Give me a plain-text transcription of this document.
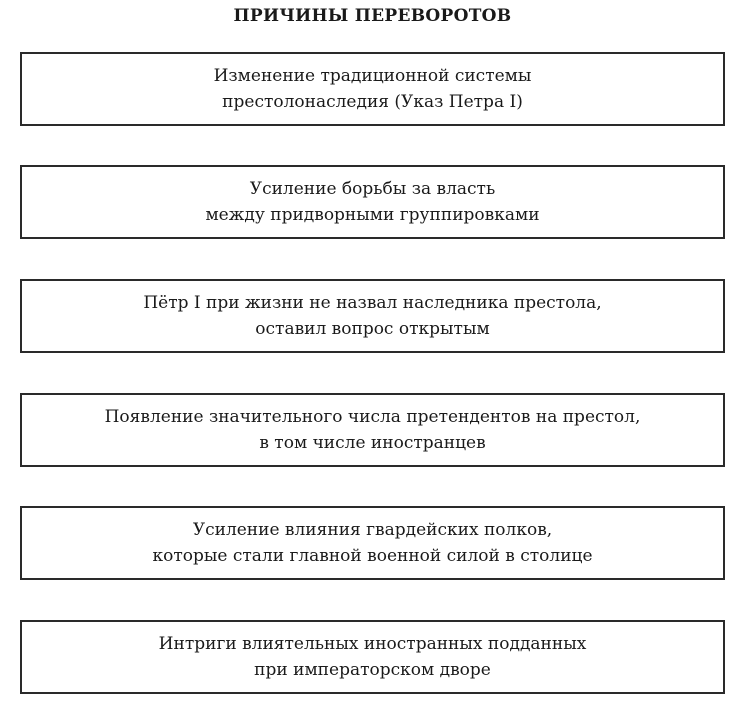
ПРИЧИНЫ ПЕРЕВОРОТОВ
Изменение традиционной системы
престолонаследия (Указ Петра I)
Усиление борьбы за власть
между придворными группировками
Пётр I при жизни не назвал наследника престола,
оставил вопрос открытым
Появление значительного числа претендентов на престол,
в том числе иностранцев
Усиление влияния гвардейских полков,
которые стали главной военной силой в столице
Интриги влиятельных иностранных подданных
при императорском дворе
